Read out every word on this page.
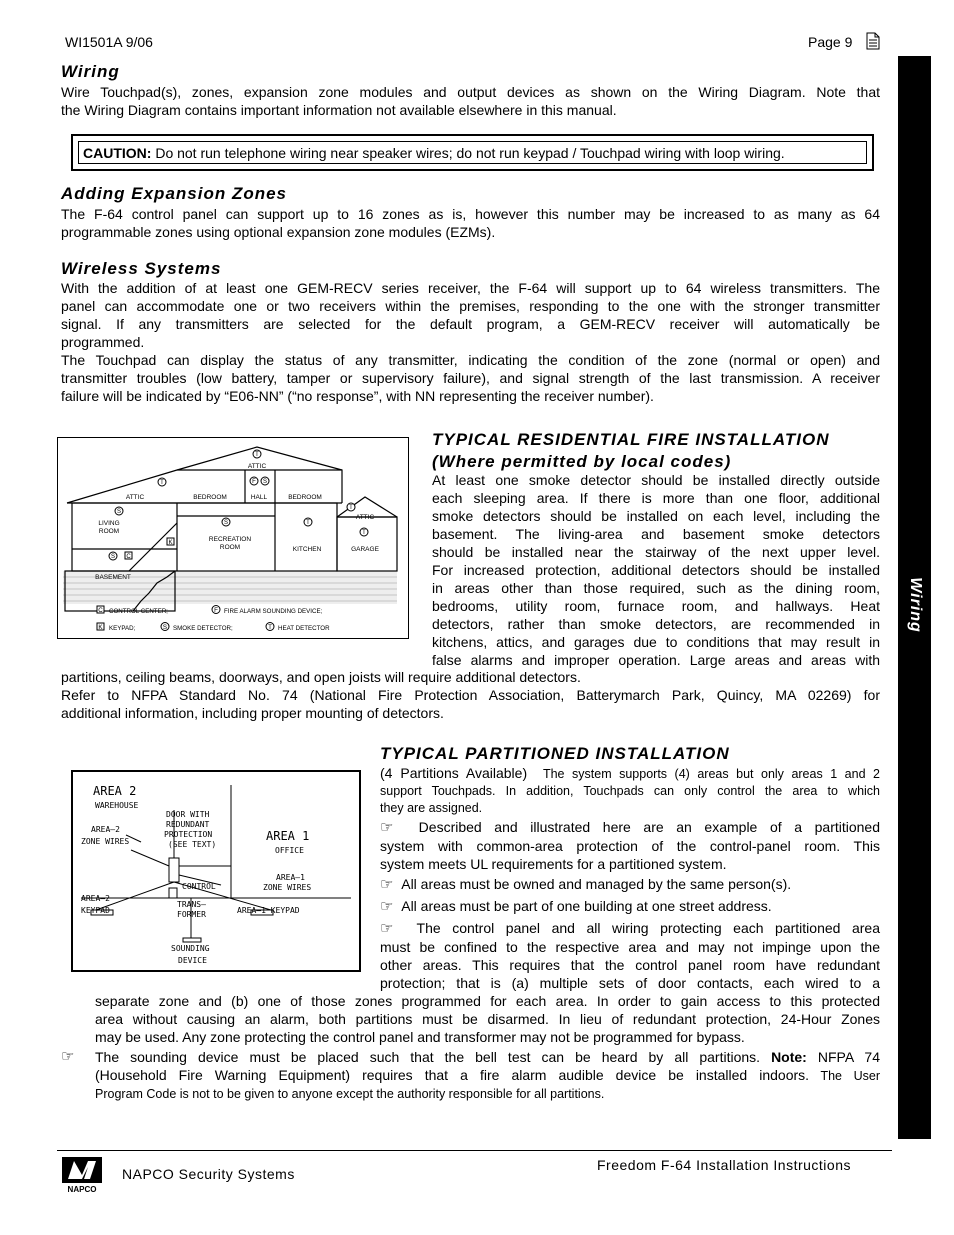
WI1501A 9/06	Page 9
Wiring
Wiring
Wire Touchpad(s), zones, expansion zone modules and output devices as shown on the Wiring Diagram. Note that
the Wiring Diagram contains important information not available elsewhere in this manual.
CAUTION: Do not run telephone wiring near speaker wires; do not run keypad / Touchpad wiring with loop wiring.
Adding Expansion Zones
The F-64 control panel can support up to 16 zones as is, however this number may be increased to as many as 64
programmable zones using optional expansion zone modules (EZMs).
Wireless Systems
With the addition of at least one GEM-RECV series receiver, the F-64 will support up to 64 wireless transmitters. The
panel can accommodate one or two receivers within the premises, responding to the one with the stronger transmitter
signal. If any transmitters are selected for the default program, a GEM-RECV receiver will automatically be
programmed.
The Touchpad can display the status of any transmitter, indicating the condition of the zone (normal or open) and
transmitter troubles (low battery, tamper or supervisory failure), and signal strength of the last transmission. A receiver
failure will be indicated by “E06-NN” (“no response”, with NN representing the receiver number).
ATTIC
ATTIC	BEDROOM	HALL	BEDROOM
ATTIC
LIVING
ROOM
RECREATION
ROOM	KITCHEN	GARAGE
BASEMENT
T
T	F S
S
S	T
T
T
K
S C
C CONTROL CENTER;	F FIRE ALARM SOUNDING DEVICE;
K KEYPAD;	S SMOKE DETECTOR;	T HEAT DETECTOR
TYPICAL RESIDENTIAL FIRE INSTALLATION
(Where permitted by local codes)
At least one smoke detector should be installed directly outside
each sleeping area. If there is more than one floor, additional
smoke detectors should be installed on each level, including the
basement. The living-area and basement smoke detectors
should be installed near the stairway of the next upper level.
For increased protection, additional detectors should be installed
in areas other than those required, such as the dining room,
bedrooms, utility room, furnace room, and hallways. Heat
detectors, rather than smoke detectors, are recommended in
kitchens, attics, and garages due to conditions that may result in
false alarms and improper operation. Large areas and areas with
partitions, ceiling beams, doorways, and open joists will require additional detectors.
Refer to NFPA Standard No. 74 (National Fire Protection Association, Batterymarch Park, Quincy, MA 02269) for
additional information, including proper mounting of detectors.
AREA 2
WAREHOUSE
DOOR WITH
REDUNDANT
PROTECTION
(SEE TEXT)
AREA—2
ZONE WIRES	AREA 1
OFFICE
CONTROL
AREA—1
ZONE WIRES
AREA—2
KEYPAD
TRANS—
FORMER	AREA—1 KEYPAD
SOUNDING
DEVICE
TYPICAL PARTITIONED INSTALLATION
(4 Partitions Available) The system supports (4) areas but only areas 1 and 2
support Touchpads. In addition, Touchpads can only control the area to which
they are assigned.
☞ Described and illustrated here are an example of a partitioned
system with common-area protection of the control-panel room. This
system meets UL requirements for a partitioned system.
☞ All areas must be owned and managed by the same person(s).
☞ All areas must be part of one building at one street address.
☞ The control panel and all wiring protecting each partitioned area
must be confined to the respective area and may not impinge upon the
other areas. This requires that the control panel room have redundant
protection; that is (a) multiple sets of door contacts, each wired to a
separate zone and (b) one of those zones programmed for each area. In order to gain access to this protected
area without causing an alarm, both partitions must be disarmed. In lieu of redundant protection, 24-Hour Zones
may be used. Any zone protecting the control panel and transformer may not be programmed for bypass.
☞ The sounding device must be placed such that the bell test can be heard by all partitions. Note: NFPA 74
(Household Fire Warning Equipment) requires that a fire alarm audible device be installed indoors. The User
Program Code is not to be given to anyone except the authority responsible for all partitions.
NAPCO
NAPCO Security Systems
Freedom F-64 Installation Instructions
